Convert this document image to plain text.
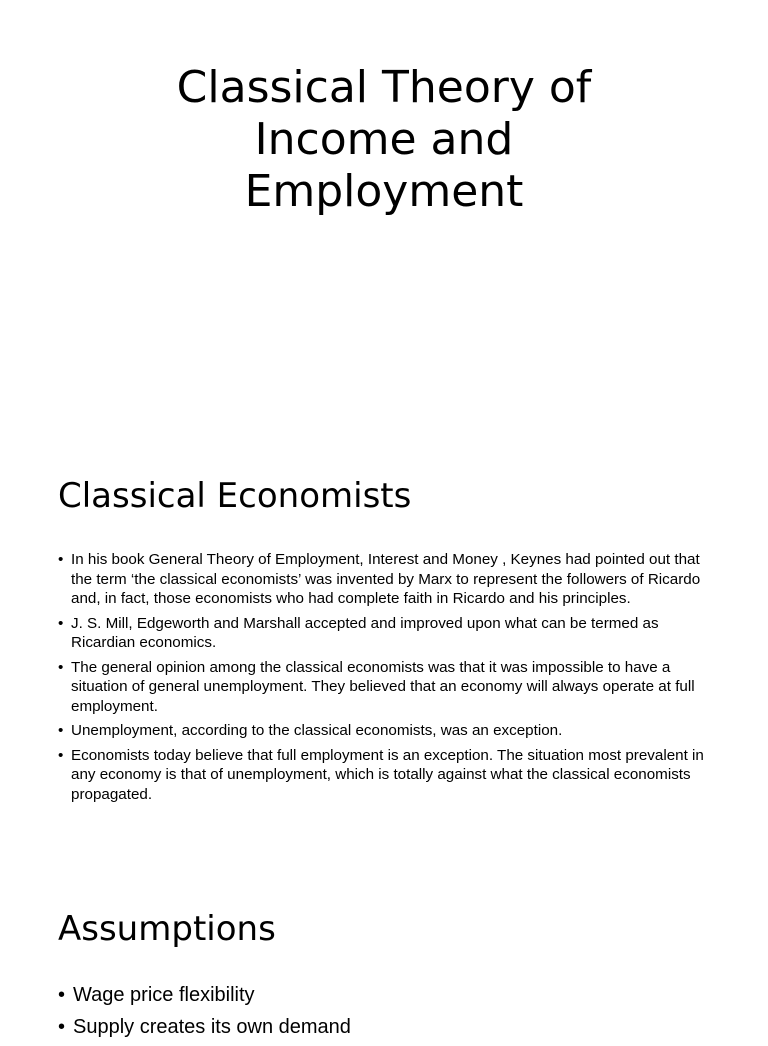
Classical Theory of
Income and
Employment
Classical Economists
• In his book General Theory of Employment, Interest and Money , Keynes had pointed out that the term ‘the classical economists’ was invented by Marx to represent the followers of Ricardo and, in fact, those economists who had complete faith in Ricardo and his principles.
• J. S. Mill, Edgeworth and Marshall accepted and improved upon what can be termed as Ricardian economics.
• The general opinion among the classical economists was that it was impossible to have a situation of general unemployment. They believed that an economy will always operate at full employment.
• Unemployment, according to the classical economists, was an exception.
• Economists today believe that full employment is an exception. The situation most prevalent in any economy is that of unemployment, which is totally against what the classical economists propagated.
Assumptions
• Wage price flexibility
• Supply creates its own demand
